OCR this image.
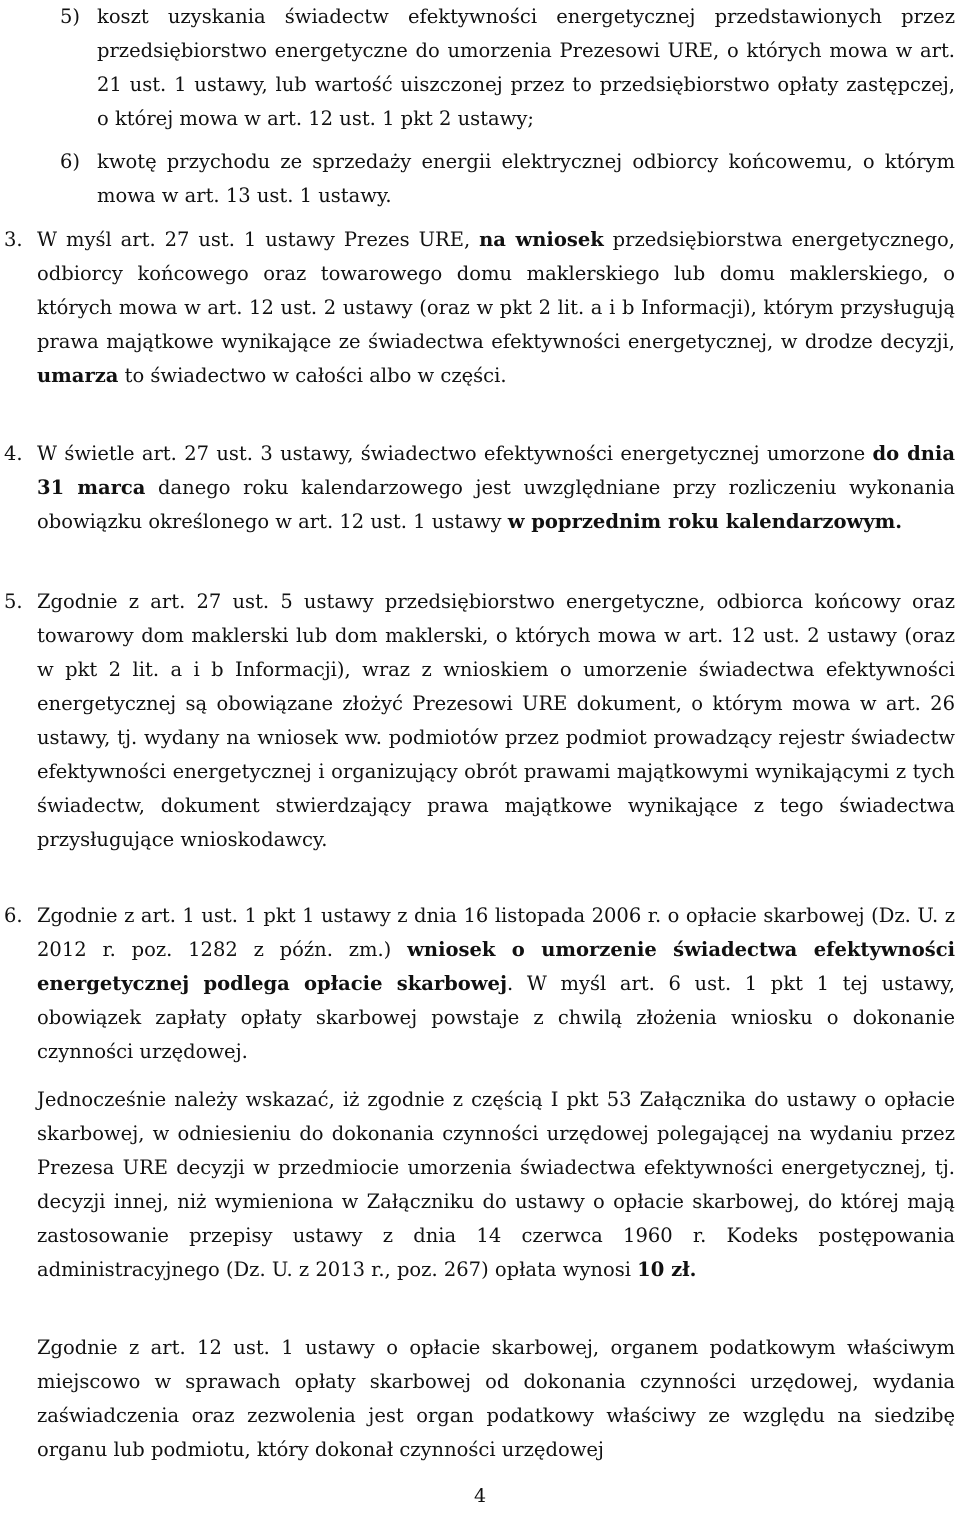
5) koszt uzyskania świadectw efektywności energetycznej przedstawionych przez przedsiębiorstwo energetyczne do umorzenia Prezesowi URE, o których mowa w art. 21 ust. 1 ustawy, lub wartość uiszczonej przez to przedsiębiorstwo opłaty zastępczej, o której mowa w art. 12 ust. 1 pkt 2 ustawy;

6) kwotę przychodu ze sprzedaży energii elektrycznej odbiorcy końcowemu, o którym mowa w art. 13 ust. 1 ustawy.

3. W myśl art. 27 ust. 1 ustawy Prezes URE, na wniosek przedsiębiorstwa energetycznego, odbiorcy końcowego oraz towarowego domu maklerskiego lub domu maklerskiego, o których mowa w art. 12 ust. 2 ustawy (oraz w pkt 2 lit. a i b Informacji), którym przysługują prawa majątkowe wynikające ze świadectwa efektywności energetycznej, w drodze decyzji, umarza to świadectwo w całości albo w części.

4. W świetle art. 27 ust. 3 ustawy, świadectwo efektywności energetycznej umorzone do dnia 31 marca danego roku kalendarzowego jest uwzględniane przy rozliczeniu wykonania obowiązku określonego w art. 12 ust. 1 ustawy w poprzednim roku kalendarzowym.

5. Zgodnie z art. 27 ust. 5 ustawy przedsiębiorstwo energetyczne, odbiorca końcowy oraz towarowy dom maklerski lub dom maklerski, o których mowa w art. 12 ust. 2 ustawy (oraz w pkt 2 lit. a i b Informacji), wraz z wnioskiem o umorzenie świadectwa efektywności energetycznej są obowiązane złożyć Prezesowi URE dokument, o którym mowa w art. 26 ustawy, tj. wydany na wniosek ww. podmiotów przez podmiot prowadzący rejestr świadectw efektywności energetycznej i organizujący obrót prawami majątkowymi wynikającymi z tych świadectw, dokument stwierdzający prawa majątkowe wynikające z tego świadectwa przysługujące wnioskodawcy.

6. Zgodnie z art. 1 ust. 1 pkt 1 ustawy z dnia 16 listopada 2006 r. o opłacie skarbowej (Dz. U. z 2012 r. poz. 1282 z późn. zm.) wniosek o umorzenie świadectwa efektywności energetycznej podlega opłacie skarbowej. W myśl art. 6 ust. 1 pkt 1 tej ustawy, obowiązek zapłaty opłaty skarbowej powstaje z chwilą złożenia wniosku o dokonanie czynności urzędowej.

Jednocześnie należy wskazać, iż zgodnie z częścią I pkt 53 Załącznika do ustawy o opłacie skarbowej, w odniesieniu do dokonania czynności urzędowej polegającej na wydaniu przez Prezesa URE decyzji w przedmiocie umorzenia świadectwa efektywności energetycznej, tj. decyzji innej, niż wymieniona w Załączniku do ustawy o opłacie skarbowej, do której mają zastosowanie przepisy ustawy z dnia 14 czerwca 1960 r. Kodeks postępowania administracyjnego (Dz. U. z 2013 r., poz. 267) opłata wynosi 10 zł.

Zgodnie z art. 12 ust. 1 ustawy o opłacie skarbowej, organem podatkowym właściwym miejscowo w sprawach opłaty skarbowej od dokonania czynności urzędowej, wydania zaświadczenia oraz zezwolenia jest organ podatkowy właściwy ze względu na siedzibę organu lub podmiotu, który dokonał czynności urzędowej

4
